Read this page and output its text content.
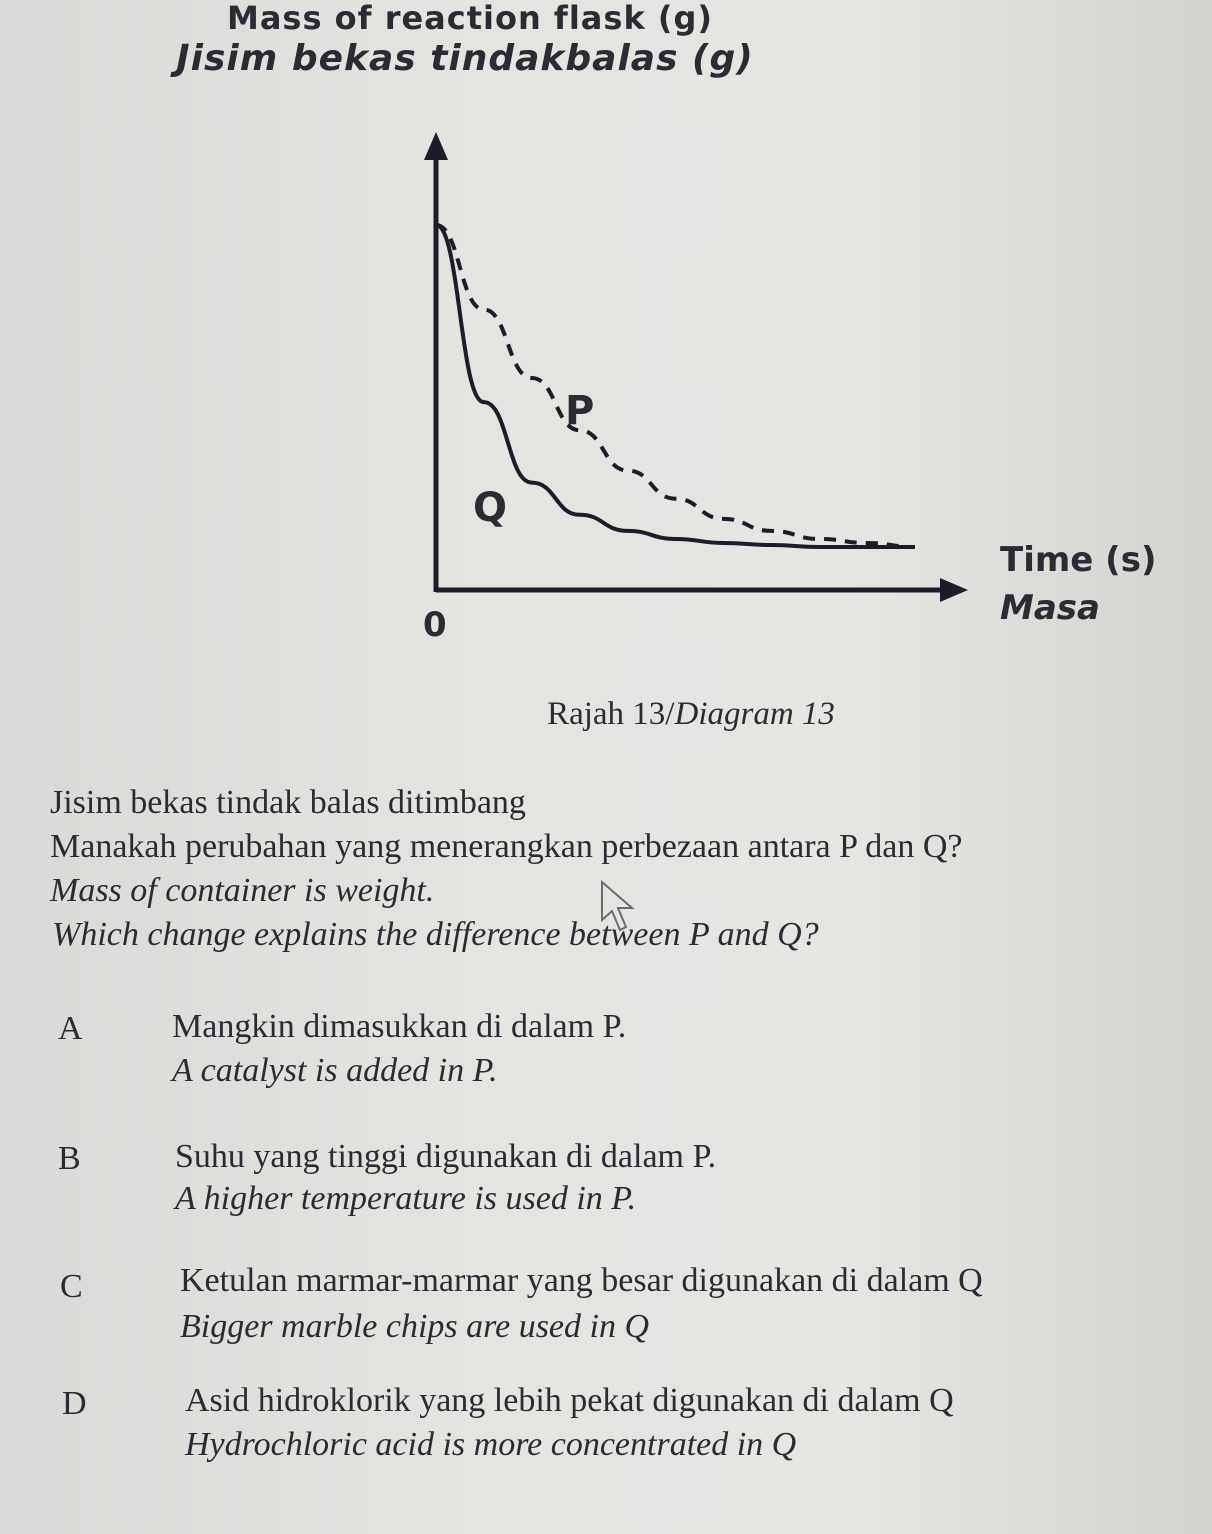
Mass of reaction flask (g)
Jisim bekas tindakbalas (g)
0
Time (s)
Masa
P
Q
Rajah 13/Diagram 13
Jisim bekas tindak balas ditimbang
Manakah perubahan yang menerangkan perbezaan antara P dan Q?
Mass of container is weight.
Which change explains the difference between P and Q?
A	Mangkin dimasukkan di dalam P.
A catalyst is added in P.
B	Suhu yang tinggi digunakan di dalam P.
A higher temperature is used in P.
C	Ketulan marmar-marmar yang besar digunakan di dalam Q
Bigger marble chips are used in Q
D	Asid hidroklorik yang lebih pekat digunakan di dalam Q
Hydrochloric acid is more concentrated in Q
